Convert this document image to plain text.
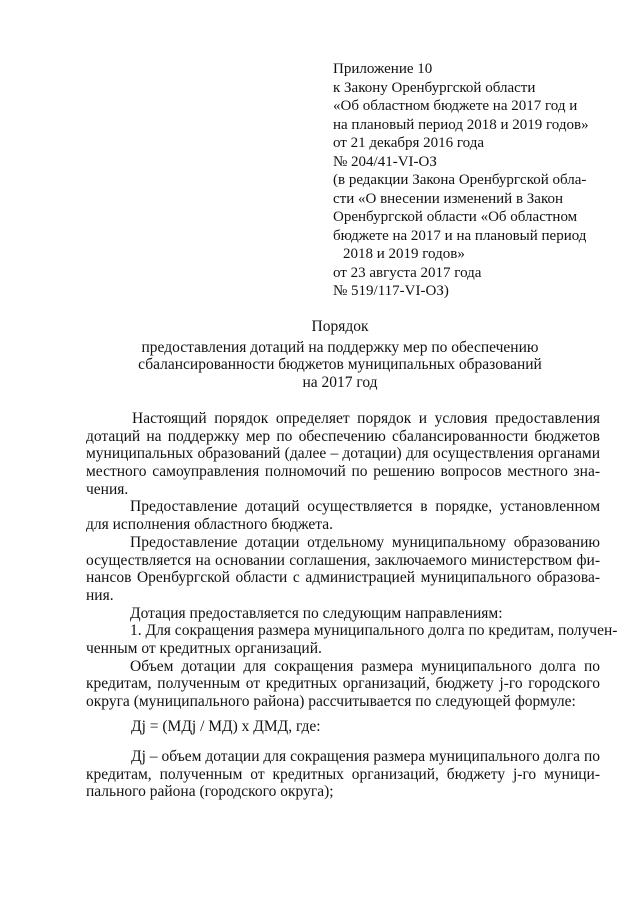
Приложение 10
к Закону Оренбургской области
«Об областном бюджете на 2017 год и
на плановый период 2018 и 2019 годов»
от 21 декабря 2016 года
№ 204/41-VI-ОЗ
(в редакции Закона Оренбургской обла-
сти «О внесении изменений в Закон
Оренбургской области «Об областном
бюджете на 2017 и на плановый период
2018 и 2019 годов»
от 23 августа 2017 года
№ 519/117-VI-ОЗ)
Порядок
предоставления дотаций на поддержку мер по обеспечению
сбалансированности бюджетов муниципальных образований
на 2017 год
Настоящий порядок определяет порядок и условия предоставления
дотаций на поддержку мер по обеспечению сбалансированности бюджетов
муниципальных образований (далее – дотации) для осуществления органами
местного самоуправления полномочий по решению вопросов местного зна-
чения.
Предоставление дотаций осуществляется в порядке, установленном
для исполнения областного бюджета.
Предоставление дотации отдельному муниципальному образованию
осуществляется на основании соглашения, заключаемого министерством фи-
нансов Оренбургской области с администрацией муниципального образова-
ния.
Дотация предоставляется по следующим направлениям:
1. Для сокращения размера муниципального долга по кредитам, получен-
ченным от кредитных организаций.
Объем дотации для сокращения размера муниципального долга по
кредитам, полученным от кредитных организаций, бюджету j-го городского
округа (муниципального района) рассчитывается по следующей формуле:
Дj = (МДj / МД) х ДМД, где:
Дj – объем дотации для сокращения размера муниципального долга по
кредитам, полученным от кредитных организаций, бюджету j-го муници-
пального района (городского округа);
